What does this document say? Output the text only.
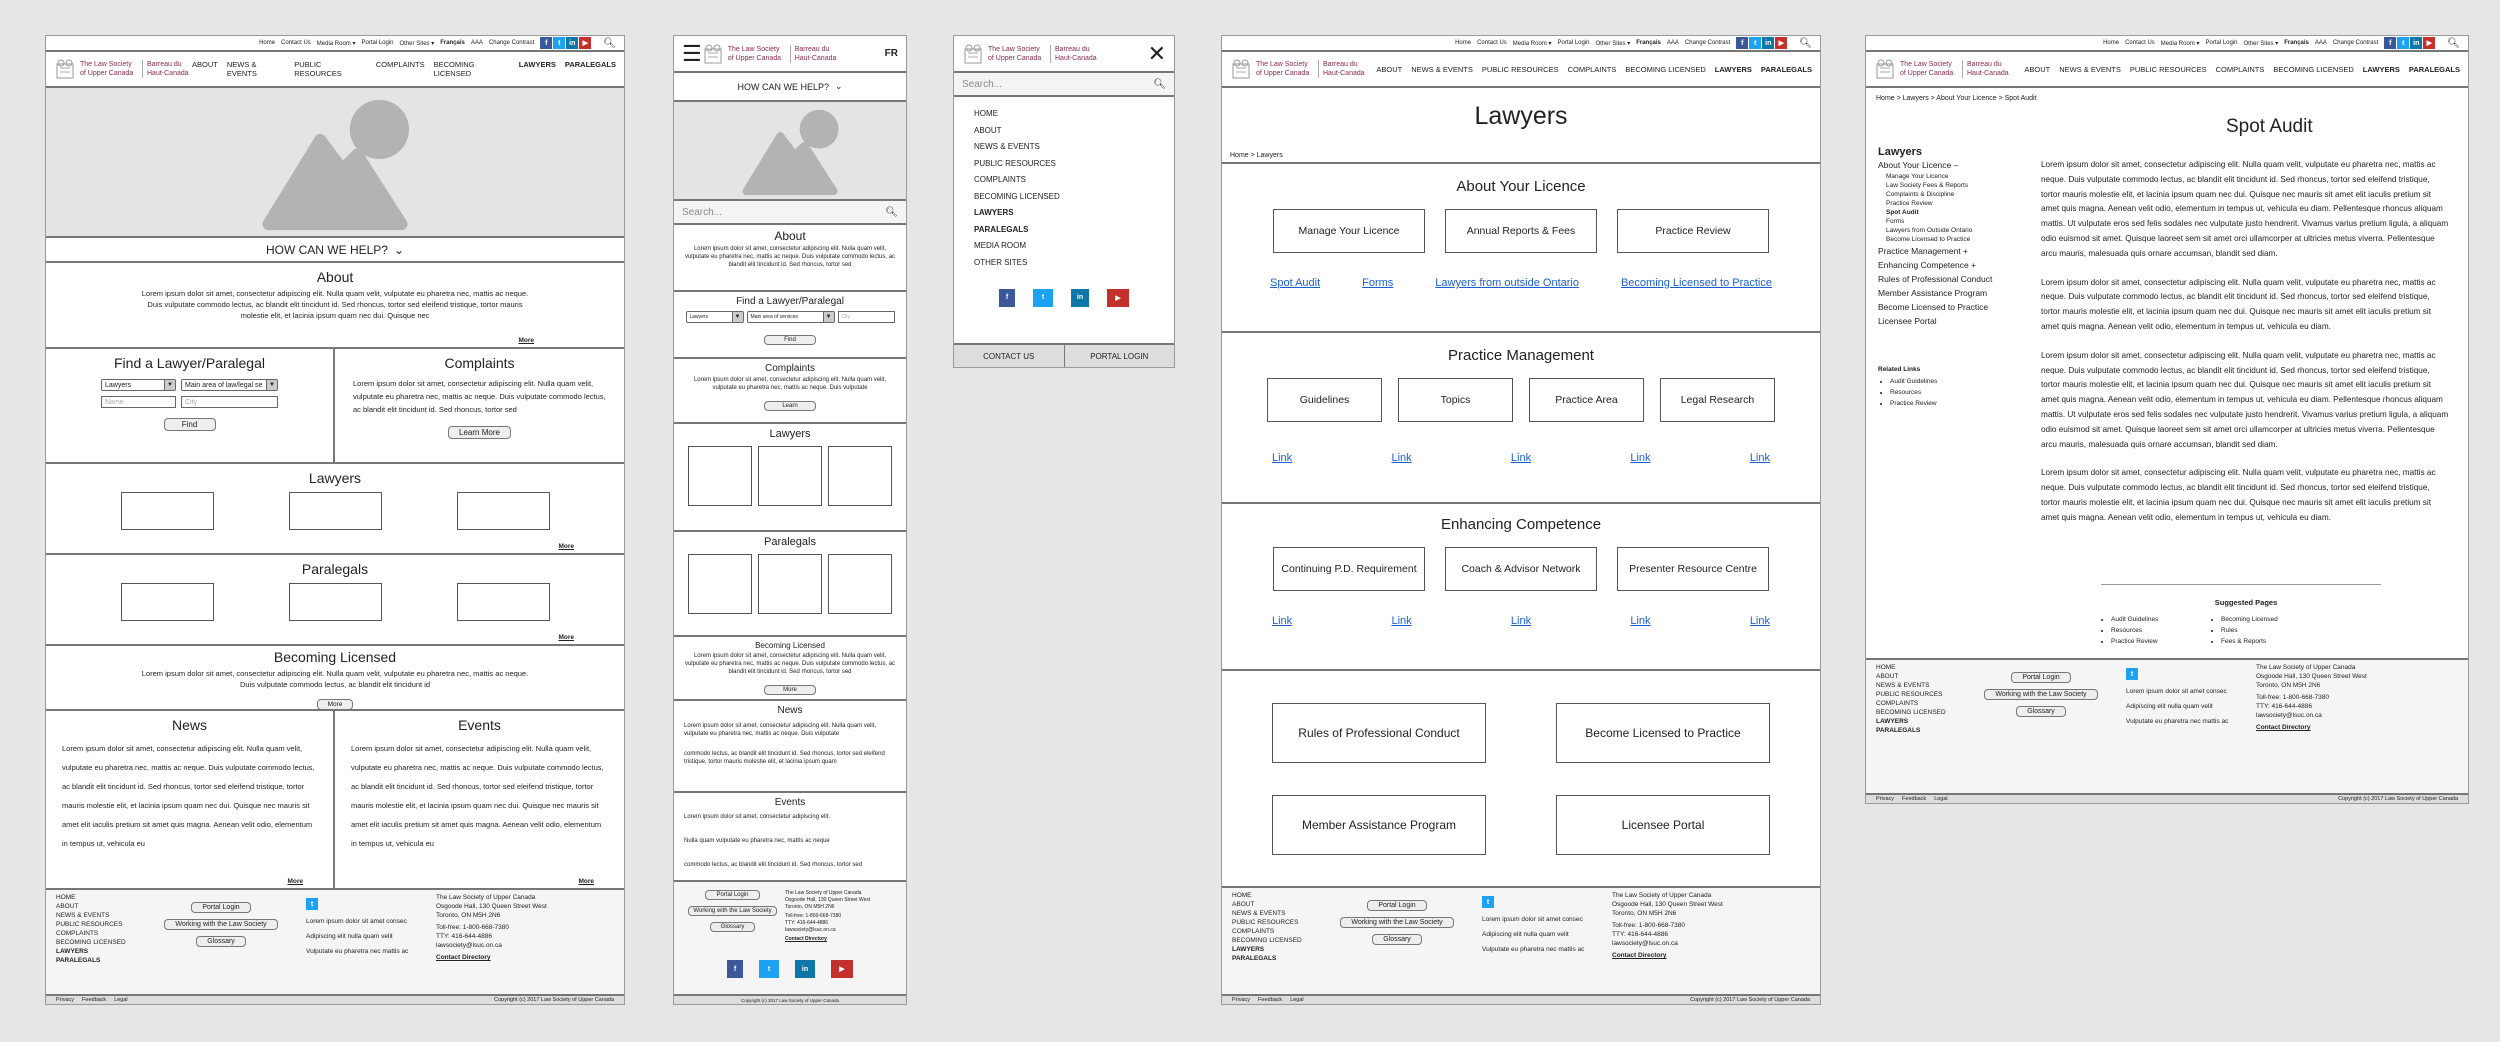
Home Contact Us Media Room ▾ Portal Login Other Sites ▾ Français AAA Change Contrast	f	t	in	▶	🔍︎
The Law Society of Upper Canada
Barreau du Haut-Canada
ABOUT NEWS & EVENTS
PUBLIC RESOURCES
COMPLAINTS BECOMING LICENSED
LAWYERS PARALEGALS
HOW CAN WE HELP? ⌄
About
Lorem ipsum dolor sit amet, consectetur adipiscing elit. Nulla quam velit, vulputate eu pharetra nec, mattis ac neque. Duis vulputate commodo lectus, ac blandit elit tincidunt id. Sed rhoncus, tortor sed eleifend tristique, tortor mauris molestie elit, et lacinia ipsum quam nec dui. Quisque nec
More
Find a Lawyer/Paralegal
Lawyers ▼	Main area of law/legal se ▼
Name	City
Find
Complaints
Lorem ipsum dolor sit amet, consectetur adipiscing elit. Nulla quam velit, vulputate eu pharetra nec, mattis ac neque. Duis vulputate commodo lectus, ac blandit elit tincidunt id. Sed rhoncus, tortor sed
Learn More
Lawyers
More
Paralegals
More
Becoming Licensed
Lorem ipsum dolor sit amet, consectetur adipiscing elit. Nulla quam velit, vulputate eu pharetra nec, mattis ac neque. Duis vulputate commodo lectus, ac blandit elit tincidunt id
More
News
Lorem ipsum dolor sit amet, consectetur adipiscing elit. Nulla quam velit, vulputate eu pharetra nec, mattis ac neque. Duis vulputate commodo lectus, ac blandit elit tincidunt id. Sed rhoncus, tortor sed eleifend tristique, tortor mauris molestie elit, et lacinia ipsum quam nec dui. Quisque nec mauris sit amet elit iaculis pretium sit amet quis magna. Aenean velit odio, elementum in tempus ut, vehicula eu
More
Events
Lorem ipsum dolor sit amet, consectetur adipiscing elit. Nulla quam velit, vulputate eu pharetra nec, mattis ac neque. Duis vulputate commodo lectus, ac blandit elit tincidunt id. Sed rhoncus, tortor sed eleifend tristique, tortor mauris molestie elit, et lacinia ipsum quam nec dui. Quisque nec mauris sit amet elit iaculis pretium sit amet quis magna. Aenean velit odio, elementum in tempus ut, vehicula eu
More
HOME
ABOUT
NEWS & EVENTS
PUBLIC RESOURCES
COMPLAINTS
BECOMING LICENSED
LAWYERS
PARALEGALS
Portal Login
Working with the Law Society
Glossary
t
Lorem ipsum dolor sit amet consec
Adipiscing elit nulla quam velit
Vulputate eu pharetra nec mattis ac
The Law Society of Upper Canada
Osgoode Hall, 130 Queen Street West
Toronto, ON M5H 2N6
Toll-free: 1-800-668-7380
TTY: 416-644-4886
lawsociety@lsuc.on.ca
Contact Directory
Privacy Feedback Legal	Copyright (c) 2017 Law Society of Upper Canada
☰	The Law Society of Upper Canada
Barreau du Haut-Canada	FR
HOW CAN WE HELP? ⌄
Search...	🔍︎
About
Lorem ipsum dolor sit amet, consectetur adipiscing elit. Nulla quam velit, vulputate eu pharetra nec, mattis ac neque. Duis vulputate commodo lectus, ac blandit elit tincidunt id. Sed rhoncus, tortor sed
Find a Lawyer/Paralegal
Lawyers ▼	Main area of services ▼	City
Find
Complaints
Lorem ipsum dolor sit amet, consectetur adipiscing elit. Nulla quam velit, vulputate eu pharetra nec, mattis ac neque. Duis vulputate
Learn
Lawyers
Paralegals
Becoming Licensed
Lorem ipsum dolor sit amet, consectetur adipiscing elit. Nulla quam velit, vulputate eu pharetra nec, mattis ac neque. Duis vulputate commodo lectus, ac blandit elit tincidunt id. Sed rhoncus, tortor sed
More
News
Lorem ipsum dolor sit amet, consectetur adipiscing elit. Nulla quam velit, vulputate eu pharetra nec, mattis ac neque. Duis vulputate
commodo lectus, ac blandit elit tincidunt id. Sed rhoncus, tortor sed eleifend tristique, tortor mauris molestie elit, et lacinia ipsum quam
Events
Lorem ipsum dolor sit amet, consectetur adipiscing elit.
Nulla quam vulputate eu pharetra nec, mattis ac neque
commodo lectus, ac blandit elit tincidunt id. Sed rhoncus, tortor sed
Portal Login
Working with the Law Society
Glossary
The Law Society of Upper Canada
Osgoode Hall, 130 Queen Street West
Toronto, ON M5H 2N6
Toll-free: 1-800-668-7380
TTY: 416-644-4886
lawsociety@lsuc.on.ca
Contact Directory
f	t	in	▶
Copyright (c) 2017 Law Society of Upper Canada
The Law Society of Upper Canada
Barreau du Haut-Canada ✕
Search...	🔍︎
HOME
ABOUT
NEWS & EVENTS
PUBLIC RESOURCES
COMPLAINTS
BECOMING LICENSED
LAWYERS
PARALEGALS
MEDIA ROOM
OTHER SITES
f	t	in	▶
CONTACT US	PORTAL LOGIN
Home Contact Us Media Room ▾ Portal Login Other Sites ▾ Français AAA Change Contrast	f	t	in	▶	🔍︎
The Law Society of Upper Canada
Barreau du Haut-Canada	ABOUT NEWS & EVENTS PUBLIC RESOURCES COMPLAINTS BECOMING LICENSED LAWYERS PARALEGALS
Lawyers
Home > Lawyers
About Your Licence
Manage Your Licence	Annual Reports & Fees	Practice Review
Spot Audit	Forms	Lawyers from outside Ontario	Becoming Licensed to Practice
Practice Management
Guidelines	Topics	Practice Area	Legal Research
Link	Link	Link	Link	Link
Enhancing Competence
Continuing P.D. Requirement	Coach & Advisor Network	Presenter Resource Centre
Link	Link	Link	Link	Link
Rules of Professional Conduct	Become Licensed to Practice
Member Assistance Program	Licensee Portal
HOME
ABOUT
NEWS & EVENTS
PUBLIC RESOURCES
COMPLAINTS
BECOMING LICENSED
LAWYERS
PARALEGALS
Portal Login
Working with the Law Society
Glossary
t
Lorem ipsum dolor sit amet consec
Adipiscing elit nulla quam velit
Vulputate eu pharetra nec mattis ac
The Law Society of Upper Canada
Osgoode Hall, 130 Queen Street West
Toronto, ON M5H 2N6
Toll-free: 1-800-668-7380
TTY: 416-644-4886
lawsociety@lsuc.on.ca
Contact Directory
Privacy Feedback Legal	Copyright (c) 2017 Law Society of Upper Canada
Home Contact Us Media Room ▾ Portal Login Other Sites ▾ Français AAA Change Contrast	f	t	in	▶	🔍︎
The Law Society of Upper Canada
Barreau du Haut-Canada	ABOUT NEWS & EVENTS PUBLIC RESOURCES COMPLAINTS BECOMING LICENSED LAWYERS PARALEGALS
Home > Lawyers > About Your Licence > Spot Audit
Spot Audit
Lawyers
About Your Licence –
Manage Your Licence
Law Society Fees & Reports
Complaints & Discipline
Practice Review
Spot Audit
Forms
Lawyers from Outside Ontario
Become Licensed to Practice
Practice Management +
Enhancing Competence +
Rules of Professional Conduct
Member Assistance Program
Become Licensed to Practice
Licensee Portal
Related Links
• Audit Guidelines
• Resources
• Practice Review

Lorem ipsum dolor sit amet, consectetur adipiscing elit. Nulla quam velit, vulputate eu pharetra nec, mattis ac neque. Duis vulputate commodo lectus, ac blandit elit tincidunt id. Sed rhoncus, tortor sed eleifend tristique, tortor mauris molestie elit, et lacinia ipsum quam nec dui. Quisque nec mauris sit amet elit iaculis pretium sit amet quis magna. Aenean velit odio, elementum in tempus ut, vehicula eu diam. Pellentesque rhoncus aliquam mattis. Ut vulputate eros sed felis sodales nec vulputate justo hendrerit. Vivamus varius pretium ligula, a aliquam odio euismod sit amet. Quisque laoreet sem sit amet orci ullamcorper at ultricies metus viverra. Pellentesque arcu mauris, malesuada quis ornare accumsan, blandit sed diam.

Lorem ipsum dolor sit amet, consectetur adipiscing elit. Nulla quam velit, vulputate eu pharetra nec, mattis ac neque. Duis vulputate commodo lectus, ac blandit elit tincidunt id. Sed rhoncus, tortor sed eleifend tristique, tortor mauris molestie elit, et lacinia ipsum quam nec dui. Quisque nec mauris sit amet elit iaculis pretium sit amet quis magna. Aenean velit odio, elementum in tempus ut, vehicula eu diam.

Lorem ipsum dolor sit amet, consectetur adipiscing elit. Nulla quam velit, vulputate eu pharetra nec, mattis ac neque. Duis vulputate commodo lectus, ac blandit elit tincidunt id. Sed rhoncus, tortor sed eleifend tristique, tortor mauris molestie elit, et lacinia ipsum quam nec dui. Quisque nec mauris sit amet elit iaculis pretium sit amet quis magna. Aenean velit odio, elementum in tempus ut, vehicula eu diam. Pellentesque rhoncus aliquam mattis. Ut vulputate eros sed felis sodales nec vulputate justo hendrerit. Vivamus varius pretium ligula, a aliquam odio euismod sit amet. Quisque laoreet sem sit amet orci ullamcorper at ultricies metus viverra. Pellentesque arcu mauris, malesuada quis ornare accumsan, blandit sed diam.

Lorem ipsum dolor sit amet, consectetur adipiscing elit. Nulla quam velit, vulputate eu pharetra nec, mattis ac neque. Duis vulputate commodo lectus, ac blandit elit tincidunt id. Sed rhoncus, tortor sed eleifend tristique, tortor mauris molestie elit, et lacinia ipsum quam nec dui. Quisque nec mauris sit amet elit iaculis pretium sit amet quis magna. Aenean velit odio, elementum in tempus ut, vehicula eu diam.

Suggested Pages
• Audit Guidelines
• Resources
• Practice Review
• Becoming Licensed
• Rules
• Fees & Reports
HOME
ABOUT
NEWS & EVENTS
PUBLIC RESOURCES
COMPLAINTS
BECOMING LICENSED
LAWYERS
PARALEGALS
Portal Login
Working with the Law Society
Glossary
t
Lorem ipsum dolor sit amet consec
Adipiscing elit nulla quam velit
Vulputate eu pharetra nec mattis ac
The Law Society of Upper Canada
Osgoode Hall, 130 Queen Street West
Toronto, ON M5H 2N6
Toll-free: 1-800-668-7380
TTY: 416-644-4886
lawsociety@lsuc.on.ca
Contact Directory
Privacy Feedback Legal	Copyright (c) 2017 Law Society of Upper Canada
